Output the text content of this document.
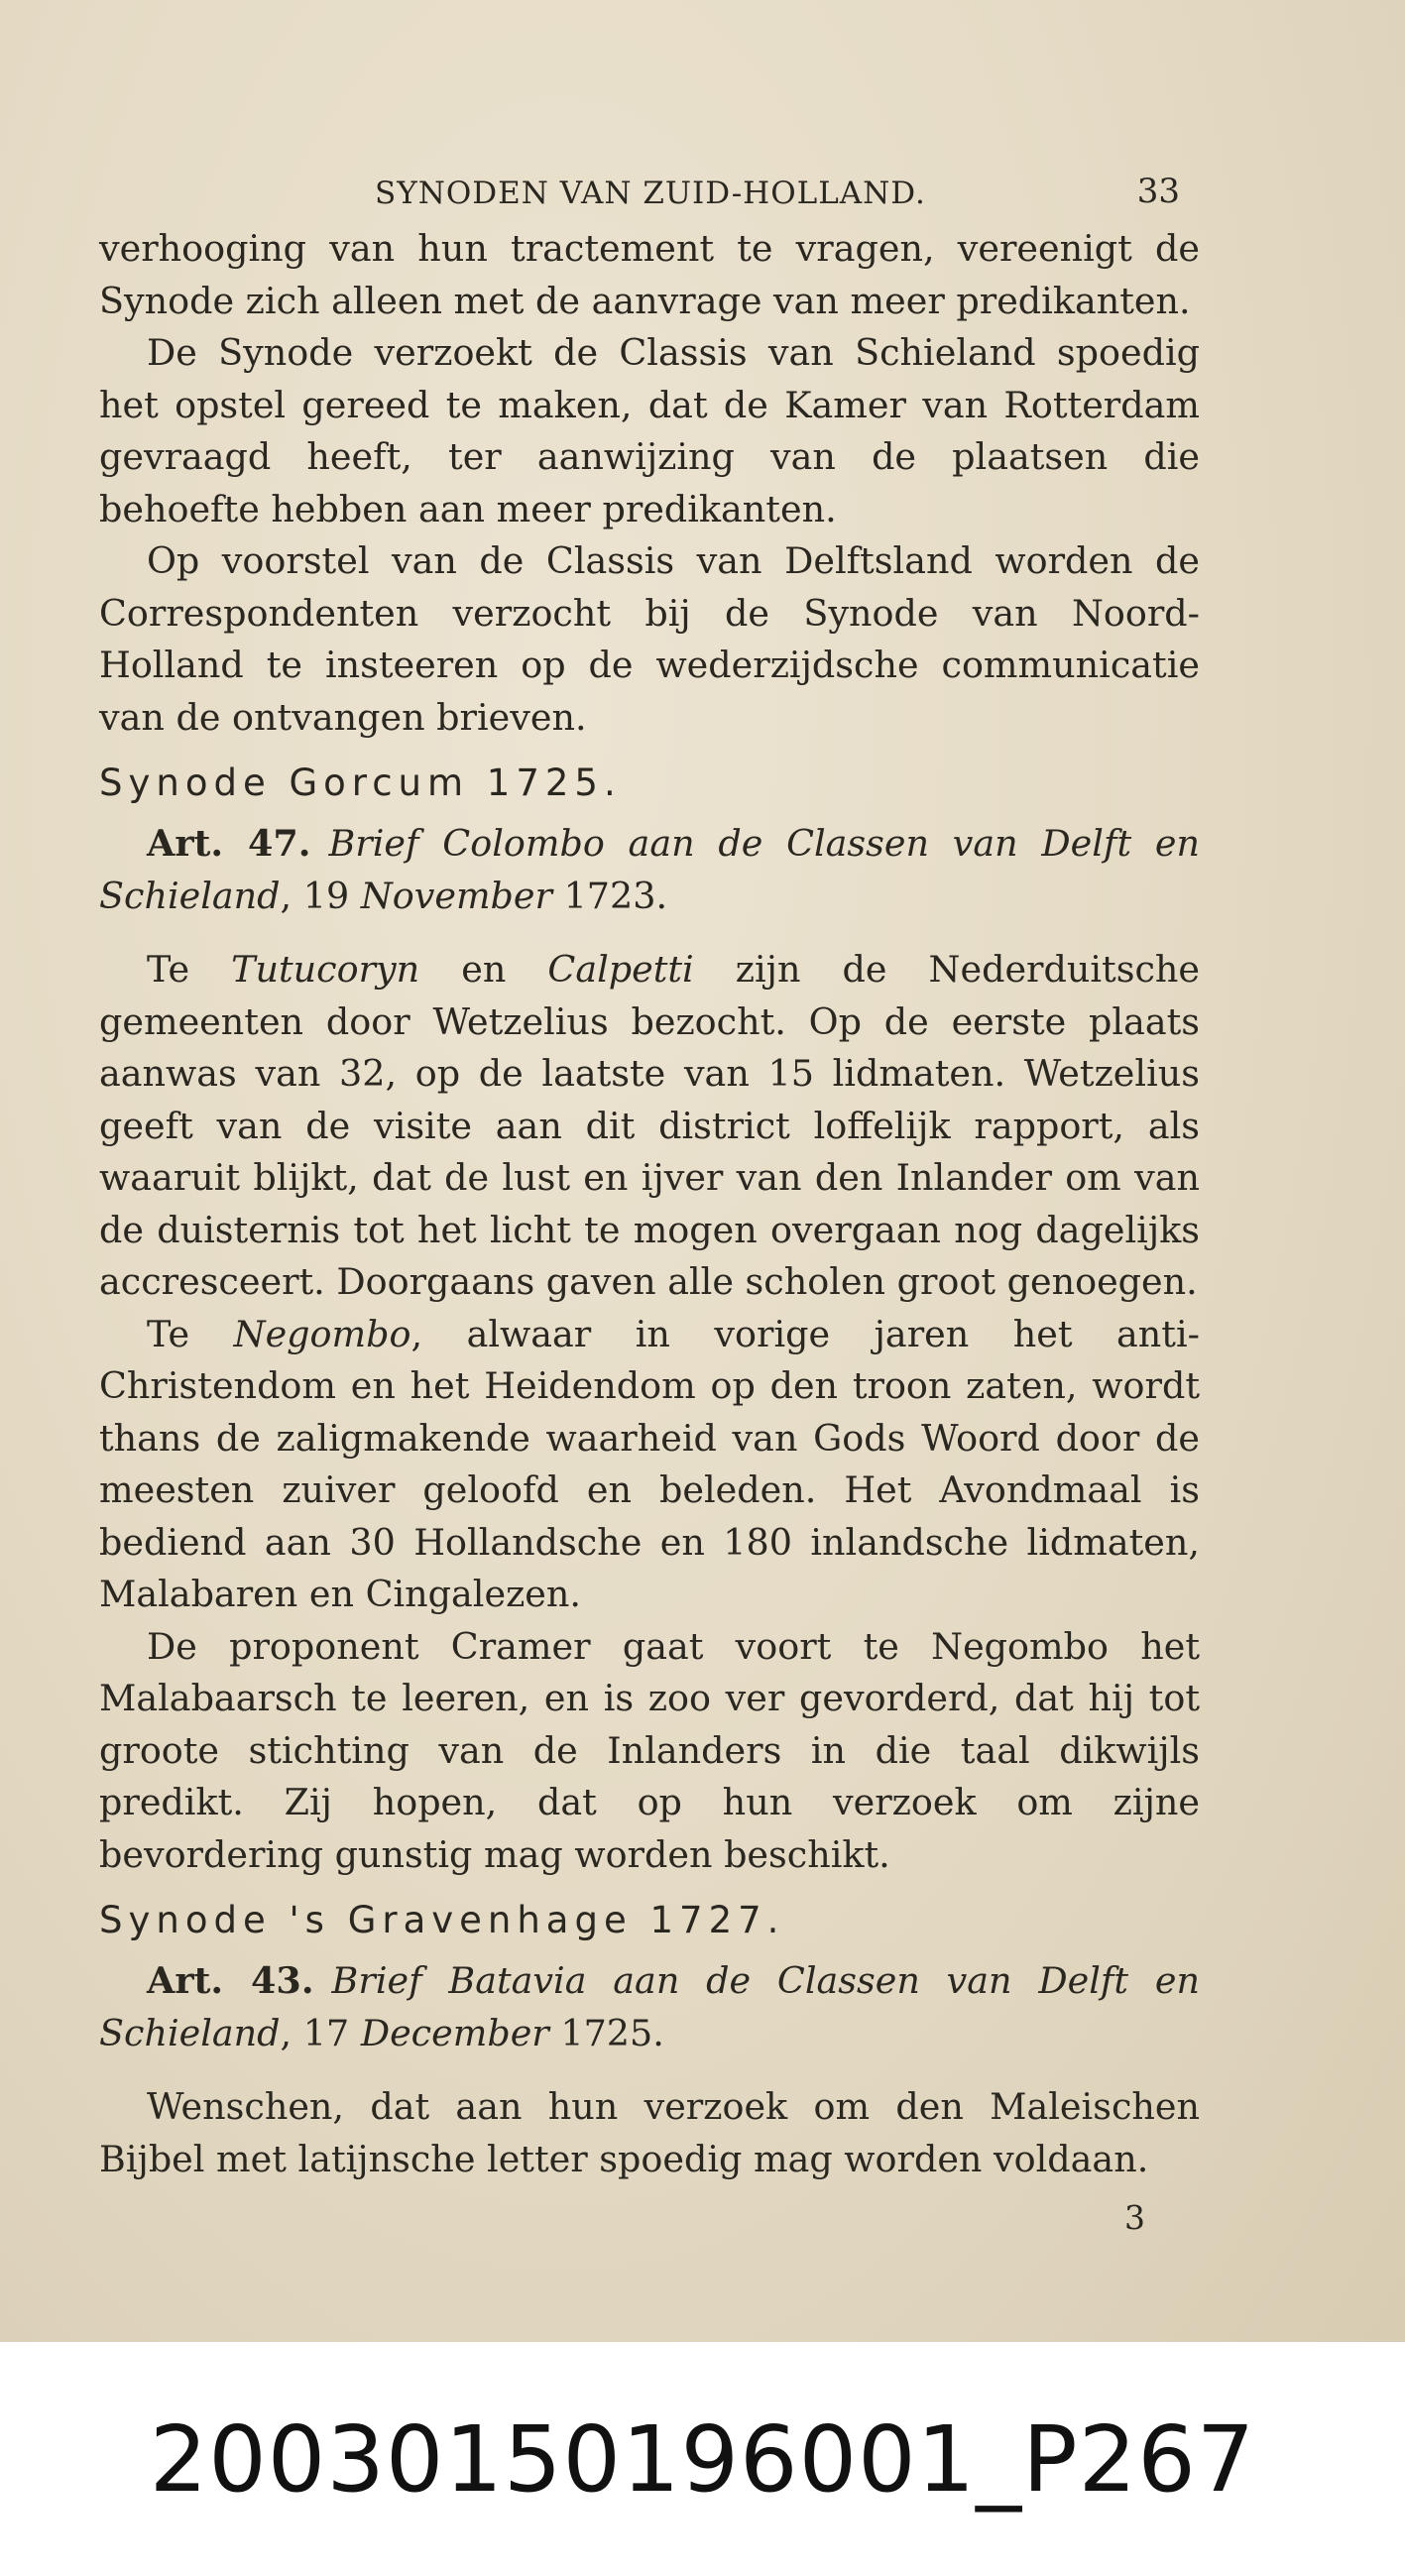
SYNODEN VAN ZUID-HOLLAND.	33

verhooging van hun tractement te vragen, vereenigt de Synode zich alleen met de aanvrage van meer predikanten.

De Synode verzoekt de Classis van Schieland spoedig het opstel gereed te maken, dat de Kamer van Rotterdam gevraagd heeft, ter aanwijzing van de plaatsen die behoefte hebben aan meer predikanten.

Op voorstel van de Classis van Delftsland worden de Correspondenten verzocht bij de Synode van Noord-Holland te insteeren op de wederzijdsche communicatie van de ontvangen brieven.

Synode Gorcum 1725.

Art. 47. Brief Colombo aan de Classen van Delft en Schieland, 19 November 1723.

Te Tutucoryn en Calpetti zijn de Nederduitsche gemeenten door Wetzelius bezocht. Op de eerste plaats aanwas van 32, op de laatste van 15 lidmaten. Wetzelius geeft van de visite aan dit district loffelijk rapport, als waaruit blijkt, dat de lust en ijver van den Inlander om van de duisternis tot het licht te mogen overgaan nog dagelijks accresceert. Doorgaans gaven alle scholen groot genoegen.

Te Negombo, alwaar in vorige jaren het anti-Christendom en het Heidendom op den troon zaten, wordt thans de zaligmakende waarheid van Gods Woord door de meesten zuiver geloofd en beleden. Het Avondmaal is bediend aan 30 Hollandsche en 180 inlandsche lidmaten, Malabaren en Cingalezen.

De proponent Cramer gaat voort te Negombo het Malabaarsch te leeren, en is zoo ver gevorderd, dat hij tot groote stichting van de Inlanders in die taal dikwijls predikt. Zij hopen, dat op hun verzoek om zijne bevordering gunstig mag worden beschikt.

Synode 's Gravenhage 1727.

Art. 43. Brief Batavia aan de Classen van Delft en Schieland, 17 December 1725.

Wenschen, dat aan hun verzoek om den Maleischen Bijbel met latijnsche letter spoedig mag worden voldaan.

3
20030150196001_P267
